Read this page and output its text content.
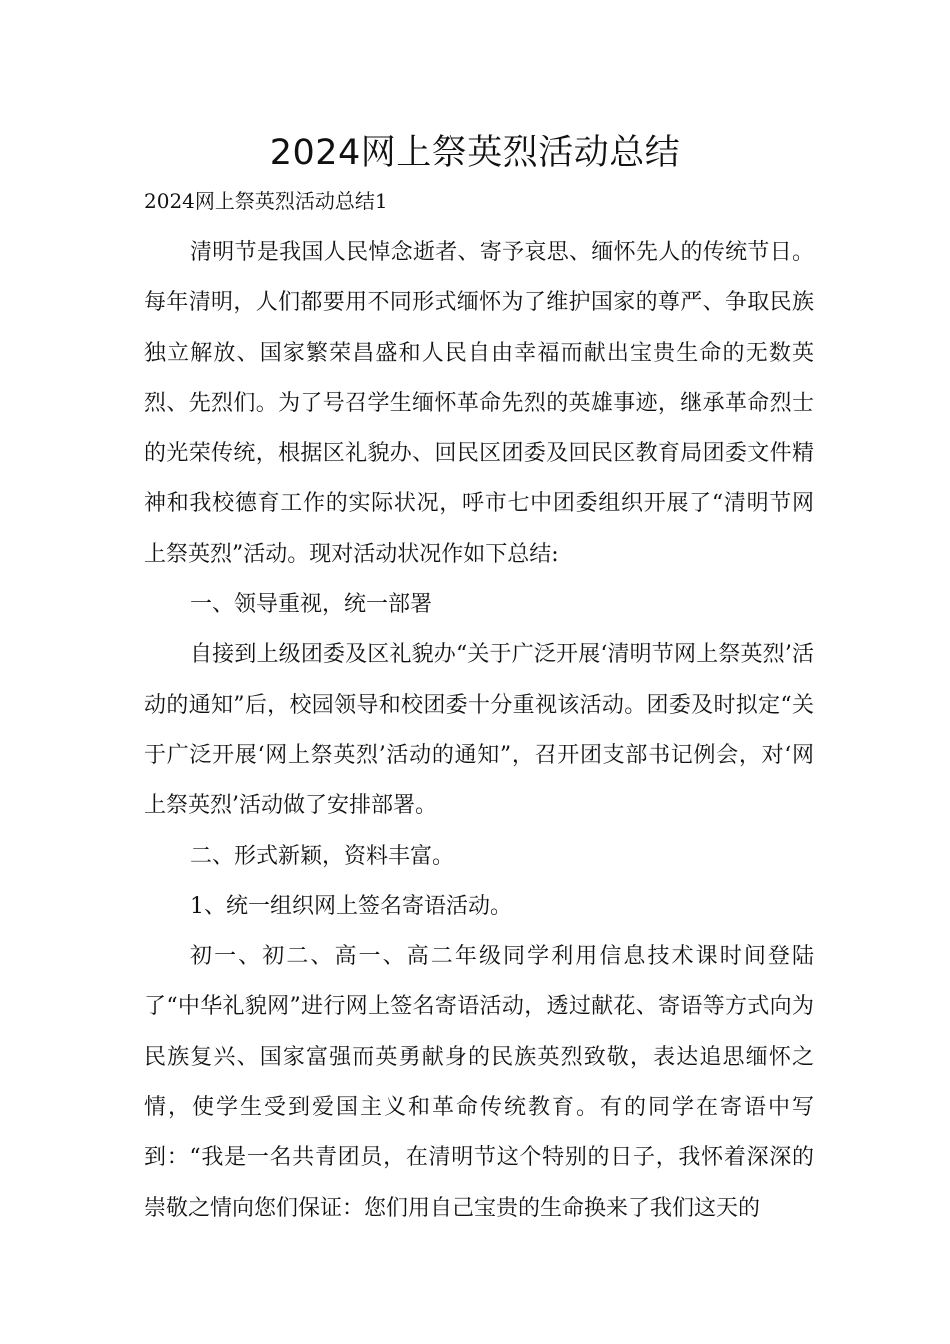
2024网上祭英烈活动总结
2024网上祭英烈活动总结1

清明节是我国人民悼念逝者、寄予哀思、缅怀先人的传统节日。每年清明，人们都要用不同形式缅怀为了维护国家的尊严、争取民族独立解放、国家繁荣昌盛和人民自由幸福而献出宝贵生命的无数英烈、先烈们。为了号召学生缅怀革命先烈的英雄事迹，继承革命烈士的光荣传统，根据区礼貌办、回民区团委及回民区教育局团委文件精神和我校德育工作的实际状况，呼市七中团委组织开展了“清明节网上祭英烈”活动。现对活动状况作如下总结:

一、领导重视，统一部署

自接到上级团委及区礼貌办“关于广泛开展‘清明节网上祭英烈’活动的通知”后，校园领导和校团委十分重视该活动。团委及时拟定“关于广泛开展‘网上祭英烈’活动的通知”，召开团支部书记例会，对‘网上祭英烈’活动做了安排部署。

二、形式新颖，资料丰富。

1、统一组织网上签名寄语活动。

初一、初二、高一、高二年级同学利用信息技术课时间登陆了“中华礼貌网”进行网上签名寄语活动，透过献花、寄语等方式向为民族复兴、国家富强而英勇献身的民族英烈致敬，表达追思缅怀之情，使学生受到爱国主义和革命传统教育。有的同学在寄语中写到：“我是一名共青团员，在清明节这个特别的日子，我怀着深深的崇敬之情向您们保证：您们用自己宝贵的生命换来了我们这天的
